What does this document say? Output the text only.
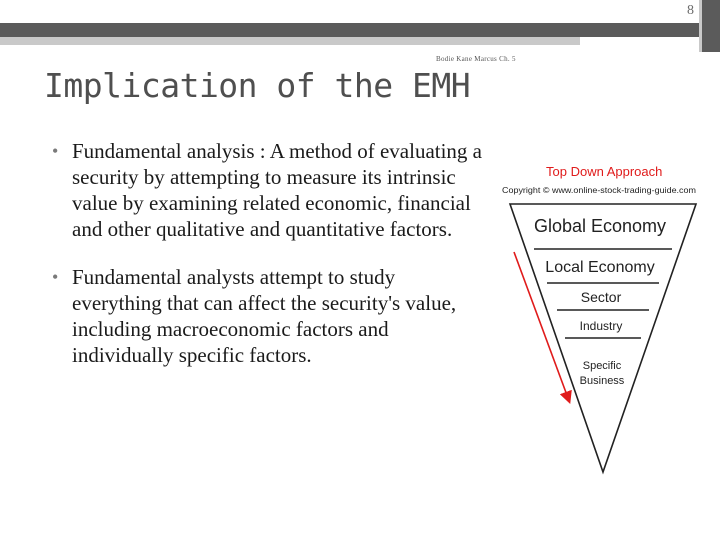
8
Bodie Kane Marcus Ch. 5
Implication of the EMH
• Fundamental analysis : A method of evaluating a security by attempting to measure its intrinsic value by examining related economic, financial and other qualitative and quantitative factors.
• Fundamental analysts attempt to study everything that can affect the security's value, including macroeconomic factors and individually specific factors.
Top Down Approach
Copyright © www.online-stock-trading-guide.com
Global Economy
Local Economy
Sector
Industry
Specific
Business
